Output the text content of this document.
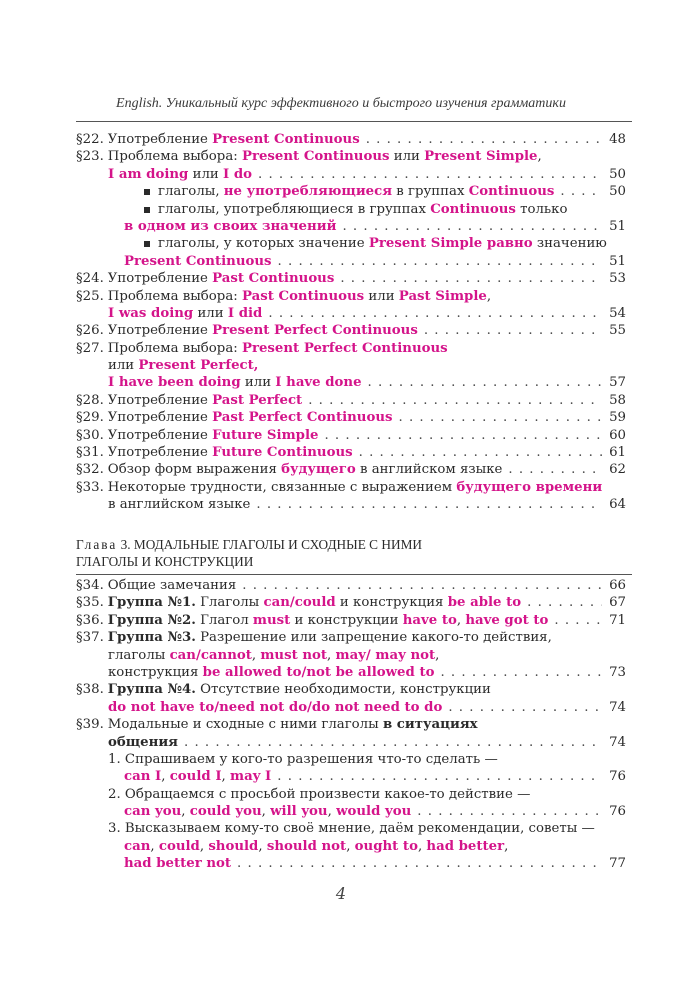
English. Уникальный курс эффективного и быстрого изучения грамматики
§22. Употребление Present Continuous . . .	48
§23. Проблема выбора: Present Continuous или Present Simple,
I am doing или I do . . .	50
глаголы, не употребляющиеся в группах Continuous . . .	50
глаголы, употребляющиеся в группах Continuous только
в одном из своих значений . . .	51
глаголы, у которых значение Present Simple равно значению
Present Continuous . . .	51
§24. Употребление Past Continuous . . .	53
§25. Проблема выбора: Past Continuous или Past Simple,
I was doing или I did . . .	54
§26. Употребление Present Perfect Continuous . . .	55
§27. Проблема выбора: Present Perfect Continuous
или Present Perfect,
I have been doing или I have done . . .	57
§28. Употребление Past Perfect . . .	58
§29. Употребление Past Perfect Continuous . . .	59
§30. Употребление Future Simple . . .	60
§31. Употребление Future Continuous . . .	61
§32. Обзор форм выражения будущего в английском языке . . .	62
§33. Некоторые трудности, связанные с выражением будущего времени
в английском языке . . .	64
Глава 3. МОДАЛЬНЫЕ ГЛАГОЛЫ И СХОДНЫЕ С НИМИ
ГЛАГОЛЫ И КОНСТРУКЦИИ
§34. Общие замечания . . .	66
§35. Группа №1. Глаголы can/could и конструкция be able to . . .	67
§36. Группа №2. Глагол must и конструкции have to, have got to . . .	71
§37. Группа №3. Разрешение или запрещение какого-то действия,
глаголы can/cannot, must not, may/ may not,
конструкция be allowed to/not be allowed to . . .	73
§38. Группа №4. Отсутствие необходимости, конструкции
do not have to/need not do/do not need to do . . .	74
§39. Модальные и сходные с ними глаголы в ситуациях
общения . . .	74
1. Спрашиваем у кого-то разрешения что-то сделать —
can I, could I, may I . . .	76
2. Обращаемся с просьбой произвести какое-то действие —
can you, could you, will you, would you . . .	76
3. Высказываем кому-то своё мнение, даём рекомендации, советы —
can, could, should, should not, ought to, had better,
had better not . . .	77
4
